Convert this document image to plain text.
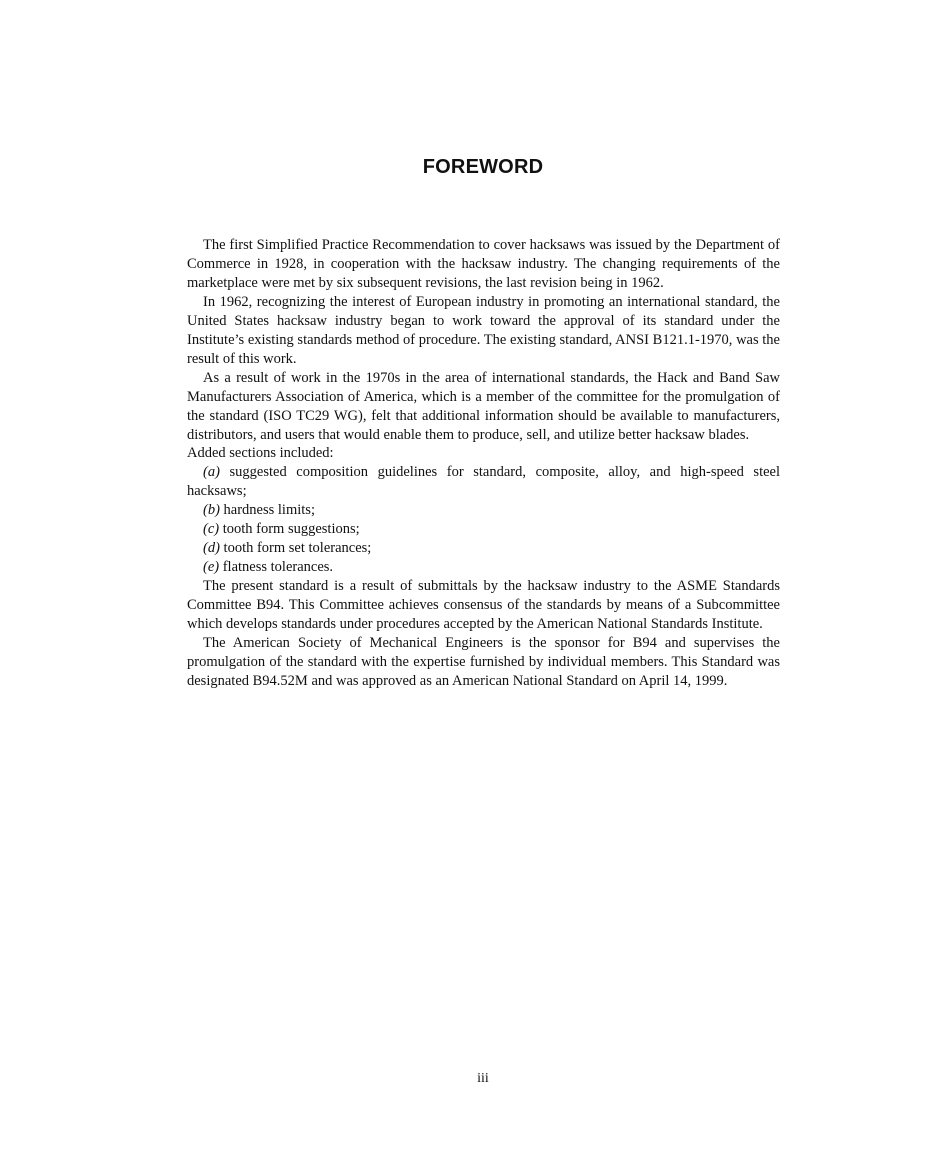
FOREWORD

The first Simplified Practice Recommendation to cover hacksaws was issued by the Department of Commerce in 1928, in cooperation with the hacksaw industry. The changing requirements of the marketplace were met by six subsequent revisions, the last revision being in 1962.

In 1962, recognizing the interest of European industry in promoting an international standard, the United States hacksaw industry began to work toward the approval of its standard under the Institute’s existing standards method of procedure. The existing standard, ANSI B121.1-1970, was the result of this work.

As a result of work in the 1970s in the area of international standards, the Hack and Band Saw Manufacturers Association of America, which is a member of the committee for the promulgation of the standard (ISO TC29 WG), felt that additional information should be available to manufacturers, distributors, and users that would enable them to produce, sell, and utilize better hacksaw blades.

Added sections included:

(a) suggested composition guidelines for standard, composite, alloy, and high-speed steel hacksaws;

(b) hardness limits;

(c) tooth form suggestions;

(d) tooth form set tolerances;

(e) flatness tolerances.

The present standard is a result of submittals by the hacksaw industry to the ASME Standards Committee B94. This Committee achieves consensus of the standards by means of a Subcommittee which develops standards under procedures accepted by the American National Standards Institute.

The American Society of Mechanical Engineers is the sponsor for B94 and supervises the promulgation of the standard with the expertise furnished by individual members. This Standard was designated B94.52M and was approved as an American National Standard on April 14, 1999.

iii
